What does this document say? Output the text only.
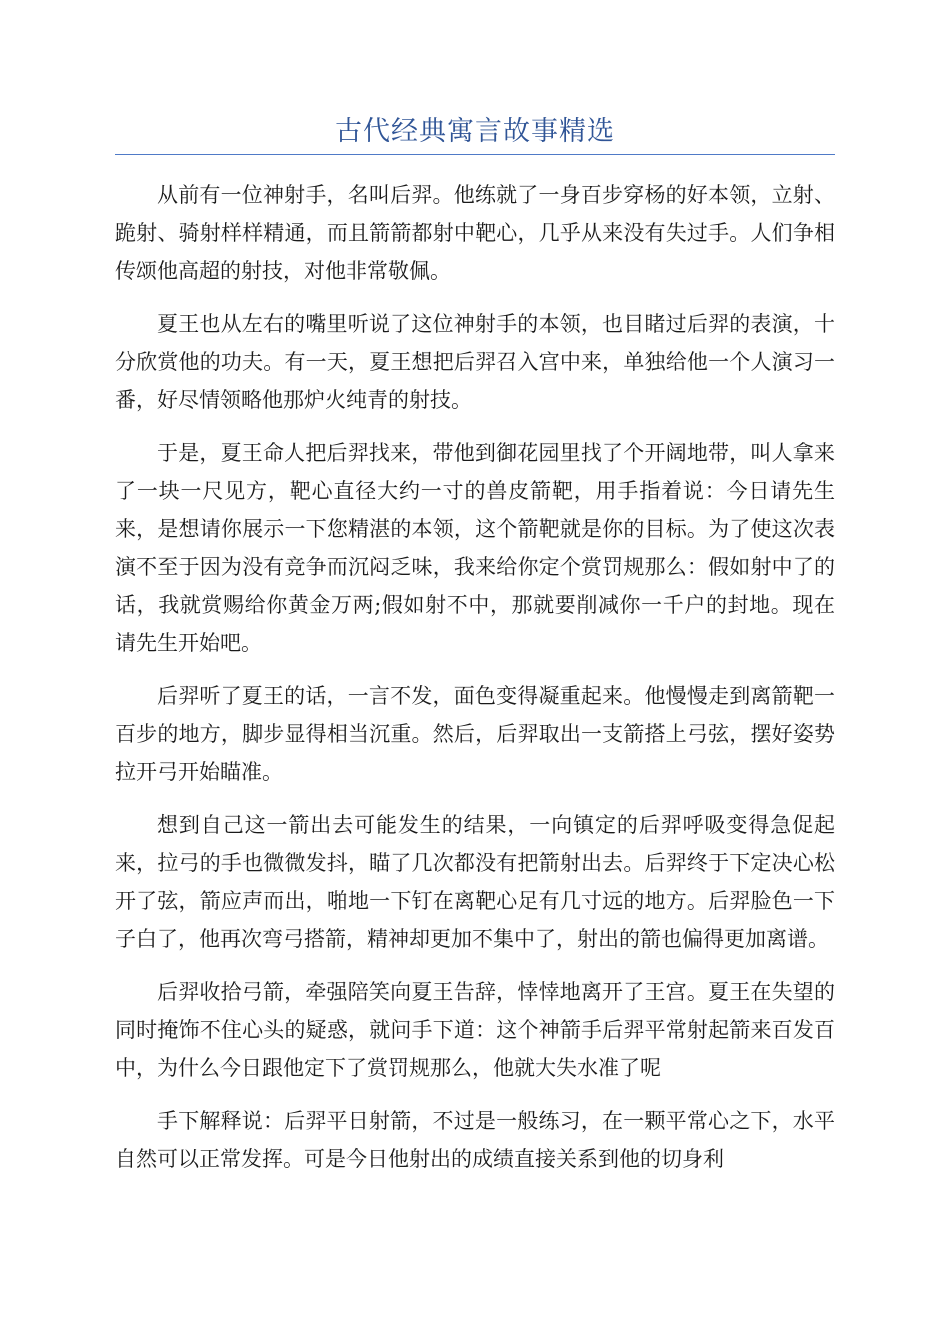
古代经典寓言故事精选

从前有一位神射手，名叫后羿。他练就了一身百步穿杨的好本领，立射、跪射、骑射样样精通，而且箭箭都射中靶心，几乎从来没有失过手。人们争相传颂他高超的射技，对他非常敬佩。

夏王也从左右的嘴里听说了这位神射手的本领，也目睹过后羿的表演，十分欣赏他的功夫。有一天，夏王想把后羿召入宫中来，单独给他一个人演习一番，好尽情领略他那炉火纯青的射技。

于是，夏王命人把后羿找来，带他到御花园里找了个开阔地带，叫人拿来了一块一尺见方，靶心直径大约一寸的兽皮箭靶，用手指着说：今日请先生来，是想请你展示一下您精湛的本领，这个箭靶就是你的目标。为了使这次表演不至于因为没有竞争而沉闷乏味，我来给你定个赏罚规那么：假如射中了的话，我就赏赐给你黄金万两;假如射不中，那就要削减你一千户的封地。现在请先生开始吧。

后羿听了夏王的话，一言不发，面色变得凝重起来。他慢慢走到离箭靶一百步的地方，脚步显得相当沉重。然后，后羿取出一支箭搭上弓弦，摆好姿势拉开弓开始瞄准。

想到自己这一箭出去可能发生的结果，一向镇定的后羿呼吸变得急促起来，拉弓的手也微微发抖，瞄了几次都没有把箭射出去。后羿终于下定决心松开了弦，箭应声而出，啪地一下钉在离靶心足有几寸远的地方。后羿脸色一下子白了，他再次弯弓搭箭，精神却更加不集中了，射出的箭也偏得更加离谱。

后羿收拾弓箭，牵强陪笑向夏王告辞，悻悻地离开了王宫。夏王在失望的同时掩饰不住心头的疑惑，就问手下道：这个神箭手后羿平常射起箭来百发百中，为什么今日跟他定下了赏罚规那么，他就大失水准了呢

手下解释说：后羿平日射箭，不过是一般练习，在一颗平常心之下，水平自然可以正常发挥。可是今日他射出的成绩直接关系到他的切身利
